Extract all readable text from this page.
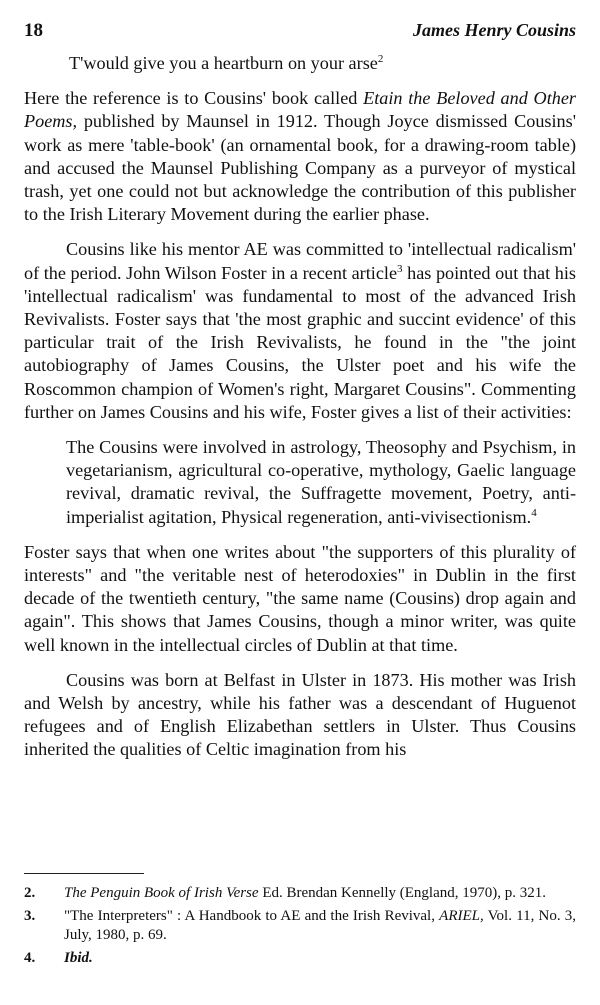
18	James Henry Cousins
T'would give you a heartburn on your arse$^2$

Here the reference is to Cousins' book called Etain the Beloved and Other Poems, published by Maunsel in 1912. Though Joyce dismissed Cousins' work as mere 'table-book' (an ornamental book, for a drawing-room table) and accused the Maunsel Publishing Company as a purveyor of mystical trash, yet one could not but acknowledge the contribution of this publisher to the Irish Literary Movement during the earlier phase.

Cousins like his mentor AE was committed to 'intellectual radicalism' of the period. John Wilson Foster in a recent article$^3$ has pointed out that his 'intellectual radicalism' was fundamental to most of the advanced Irish Revivalists. Foster says that 'the most graphic and succint evidence' of this particular trait of the Irish Revivalists, he found in the "the joint autobiography of James Cousins, the Ulster poet and his wife the Roscommon champion of Women's right, Margaret Cousins". Commenting further on James Cousins and his wife, Foster gives a list of their activities:

The Cousins were involved in astrology, Theosophy and Psychism, in vegetarianism, agricultural co-operative, mythology, Gaelic language revival, dramatic revival, the Suffragette movement, Poetry, anti-imperialist agitation, Physical regeneration, anti-vivisectionism.$^4$

Foster says that when one writes about "the supporters of this plurality of interests" and "the veritable nest of heterodoxies" in Dublin in the first decade of the twentieth century, "the same name (Cousins) drop again and again". This shows that James Cousins, though a minor writer, was quite well known in the intellectual circles of Dublin at that time.

Cousins was born at Belfast in Ulster in 1873. His mother was Irish and Welsh by ancestry, while his father was a descendant of Huguenot refugees and of English Elizabethan settlers in Ulster. Thus Cousins inherited the qualities of Celtic imagination from his

2.	The Penguin Book of Irish Verse Ed. Brendan Kennelly (England, 1970), p. 321.
3.	"The Interpreters" : A Handbook to AE and the Irish Revival, ARIEL, Vol. 11, No. 3, July, 1980, p. 69.
4.	Ibid.
